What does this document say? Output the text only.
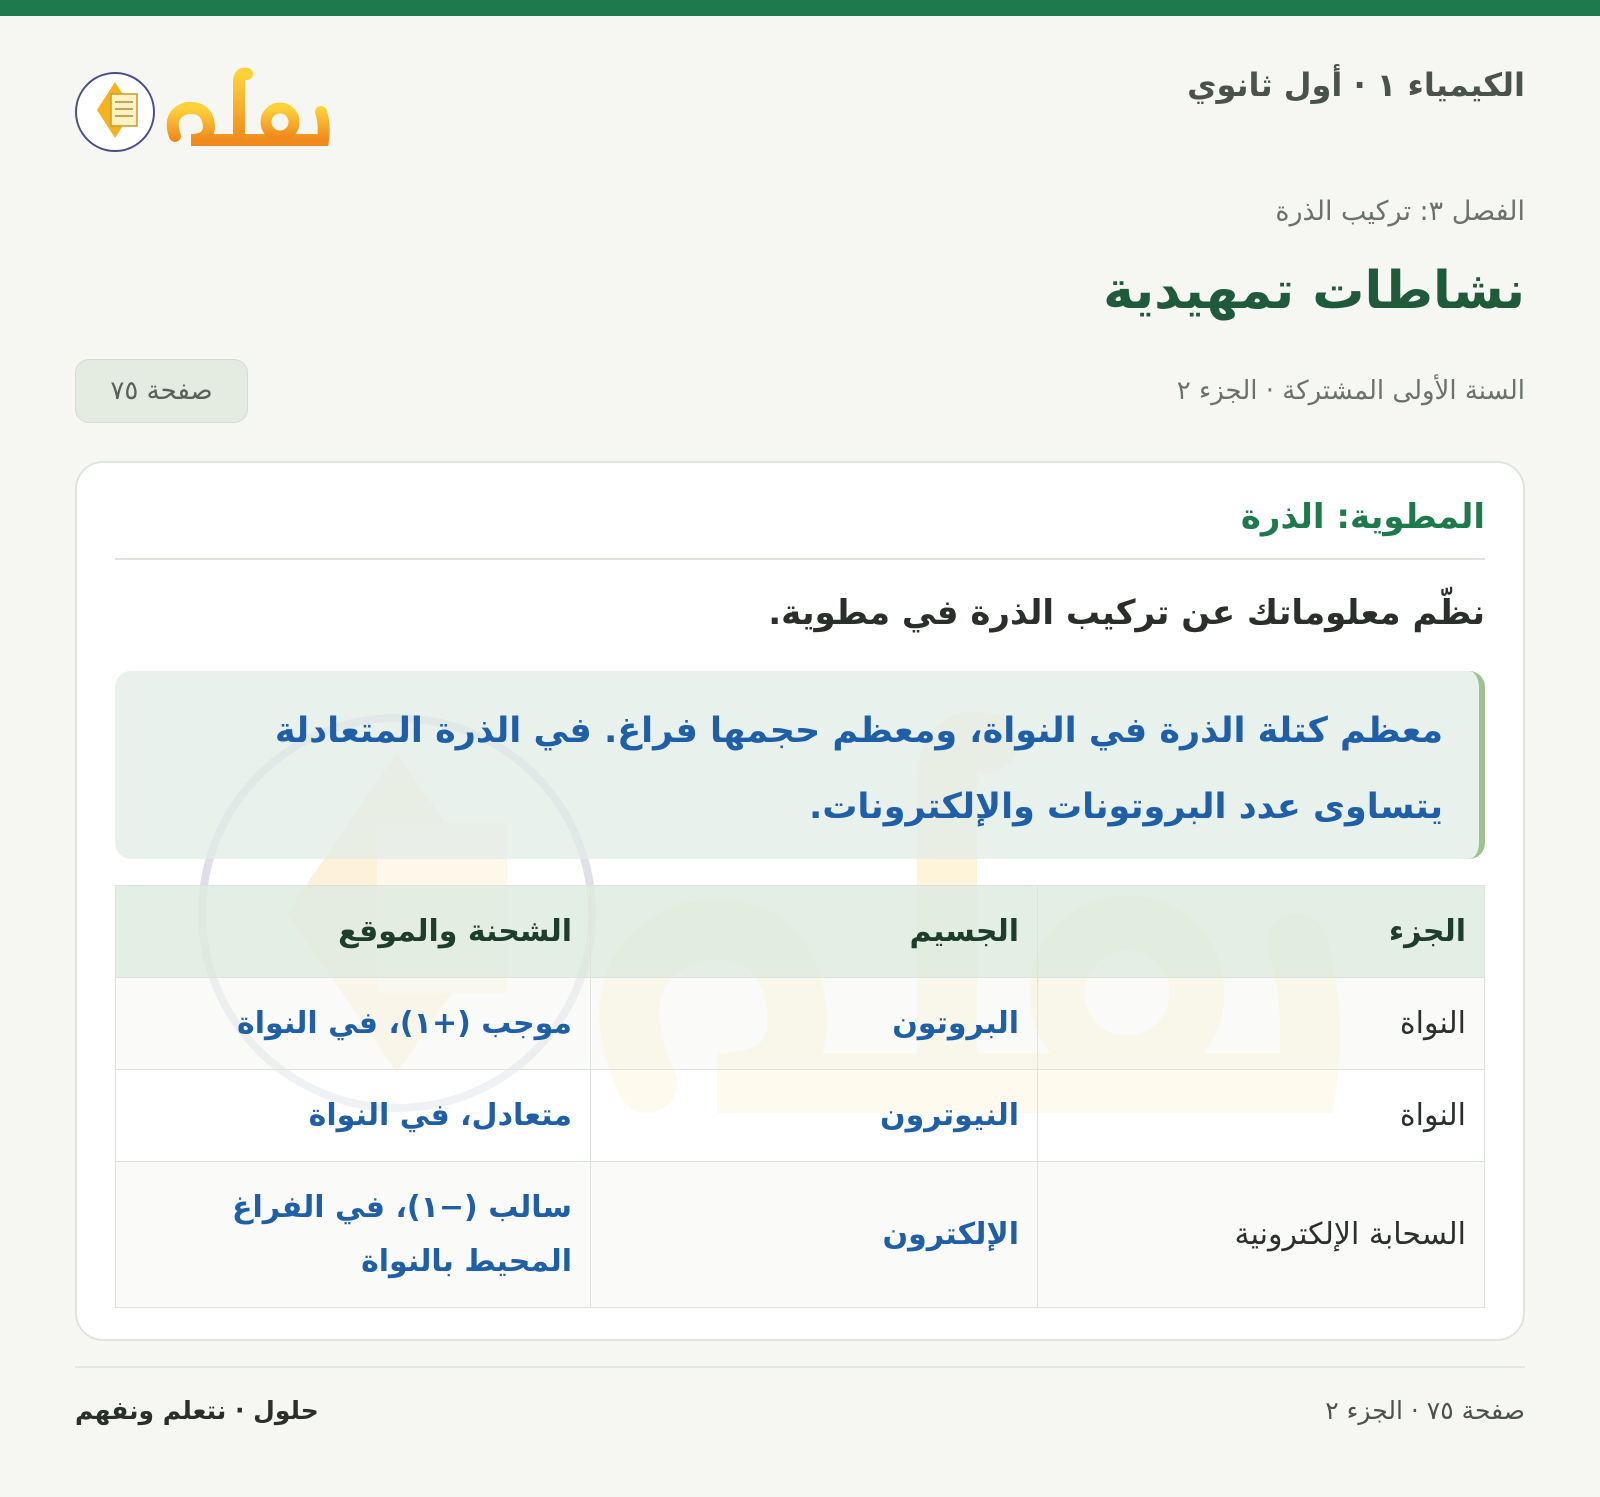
الكيمياء ١ · أول ثانوي
الفصل ٣: تركيب الذرة
نشاطات تمهيدية
السنة الأولى المشتركة · الجزء ٢
صفحة ٧٥
المطوية: الذرة

نظّم معلوماتك عن تركيب الذرة في مطوية.

معظم كتلة الذرة في النواة، ومعظم حجمها فراغ. في الذرة المتعادلة يتساوى عدد البروتونات والإلكترونات.

الجزء	الجسيم	الشحنة والموقع
النواة	البروتون	موجب (+١)، في النواة
النواة	النيوترون	متعادل، في النواة
السحابة الإلكترونية	الإلكترون	سالب (−١)، في الفراغ المحيط بالنواة
صفحة ٧٥ · الجزء ٢
حلول · نتعلم ونفهم
